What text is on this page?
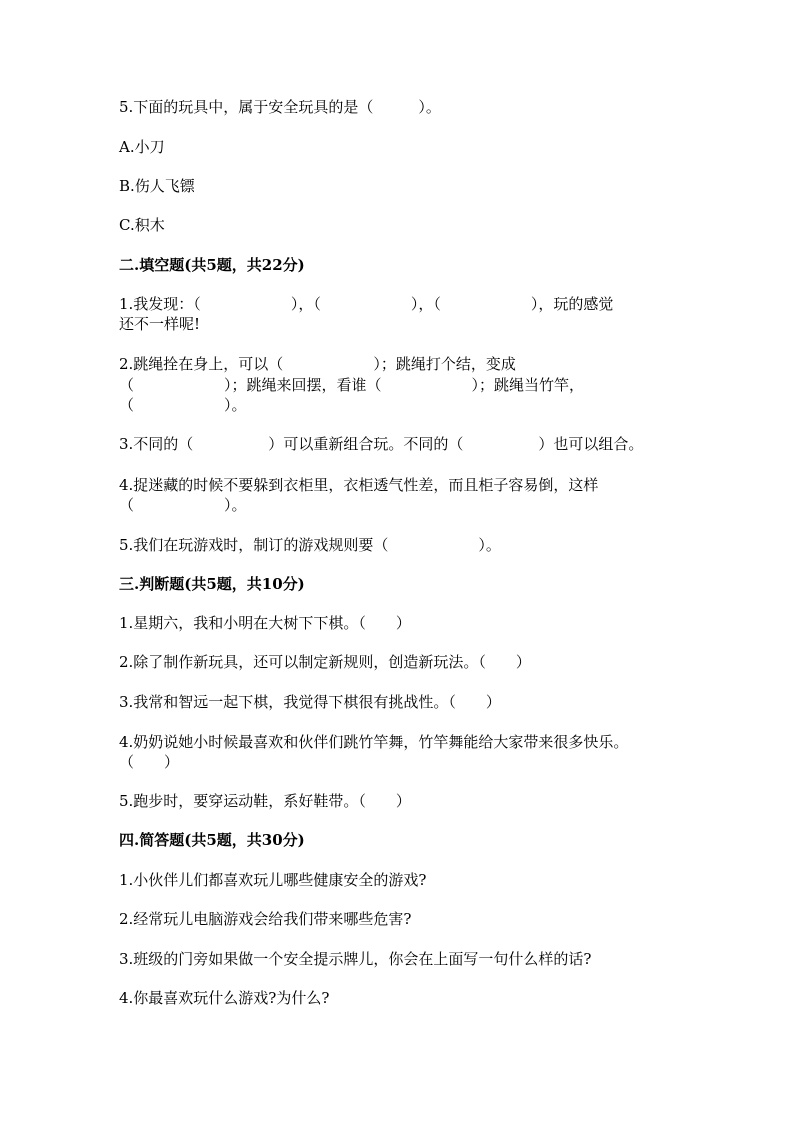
5.下面的玩具中，属于安全玩具的是（　　　）。
A.小刀
B.伤人飞镖
C.积木
二.填空题(共5题，共22分)
1.我发现：（　　　　　　），（　　　　　　），（　　　　　　），玩的感觉
还不一样呢!
2.跳绳拴在身上，可以（　　　　　　）；跳绳打个结，变成
（　　　　　　）；跳绳来回摆，看谁（　　　　　　）；跳绳当竹竿，
（　　　　　　）。
3.不同的（　　　　　）可以重新组合玩。不同的（　　　　　）也可以组合。
4.捉迷藏的时候不要躲到衣柜里，衣柜透气性差，而且柜子容易倒，这样
（　　　　　　）。
5.我们在玩游戏时，制订的游戏规则要（　　　　　　）。
三.判断题(共5题，共10分)
1.星期六，我和小明在大树下下棋。（　　）
2.除了制作新玩具，还可以制定新规则，创造新玩法。（　　）
3.我常和智远一起下棋，我觉得下棋很有挑战性。（　　）
4.奶奶说她小时候最喜欢和伙伴们跳竹竿舞，竹竿舞能给大家带来很多快乐。
（　　）
5.跑步时，要穿运动鞋，系好鞋带。（　　）
四.简答题(共5题，共30分)
1.小伙伴儿们都喜欢玩儿哪些健康安全的游戏?
2.经常玩儿电脑游戏会给我们带来哪些危害?
3.班级的门旁如果做一个安全提示牌儿，你会在上面写一句什么样的话?
4.你最喜欢玩什么游戏?为什么?
